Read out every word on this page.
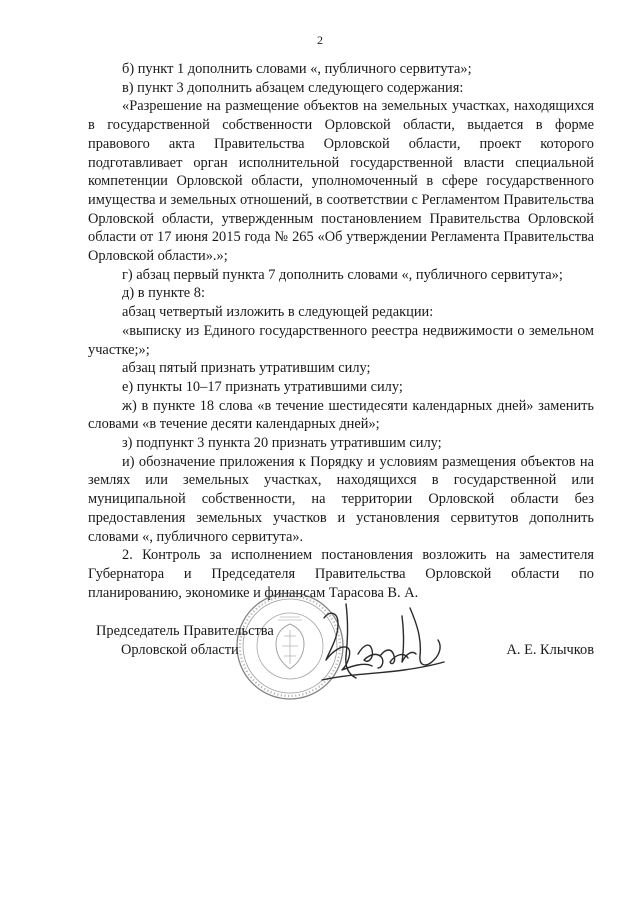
2

б) пункт 1 дополнить словами «, публичного сервитута»;

в) пункт 3 дополнить абзацем следующего содержания:

«Разрешение на размещение объектов на земельных участках, находящихся в государственной собственности Орловской области, выдается в форме правового акта Правительства Орловской области, проект которого подготавливает орган исполнительной государственной власти специальной компетенции Орловской области, уполномоченный в сфере государственного имущества и земельных отношений, в соответствии с Регламентом Правительства Орловской области, утвержденным постановлением Правительства Орловской области от 17 июня 2015 года № 265 «Об утверждении Регламента Правительства Орловской области».»;

г) абзац первый пункта 7 дополнить словами «, публичного сервитута»;

д) в пункте 8:

абзац четвертый изложить в следующей редакции:

«выписку из Единого государственного реестра недвижимости о земельном участке;»;

абзац пятый признать утратившим силу;

е) пункты 10–17 признать утратившими силу;

ж) в пункте 18 слова «в течение шестидесяти календарных дней» заменить словами «в течение десяти календарных дней»;

з) подпункт 3 пункта 20 признать утратившим силу;

и) обозначение приложения к Порядку и условиям размещения объектов на землях или земельных участках, находящихся в государственной или муниципальной собственности, на территории Орловской области без предоставления земельных участков и установления сервитутов дополнить словами «, публичного сервитута».

2. Контроль за исполнением постановления возложить на заместителя Губернатора и Председателя Правительства Орловской области по планированию, экономике и финансам Тарасова В. А.

Председатель Правительства
Орловской области	А. Е. Клычков
